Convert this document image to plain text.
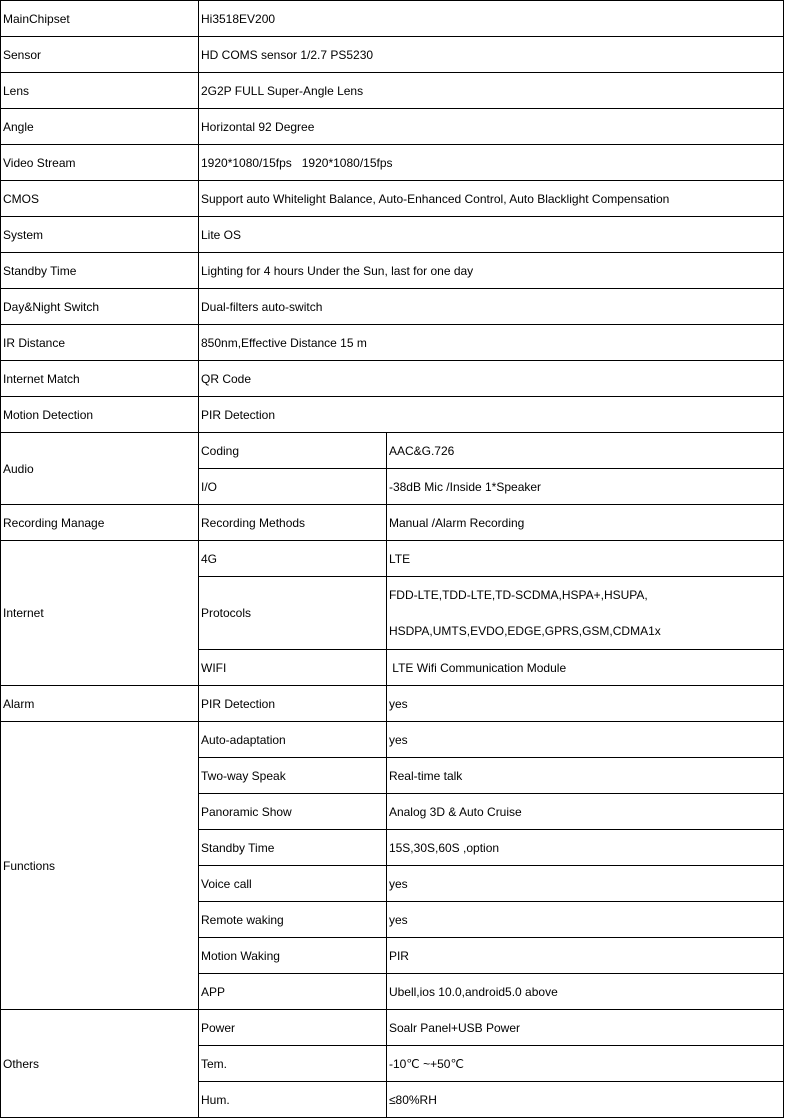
MainChipset	Hi3518EV200	
Sensor	HD COMS sensor 1/2.7 PS5230	
Lens	2G2P FULL Super-Angle Lens	
Angle	Horizontal 92 Degree	
Video Stream	1920*1080/15fps   1920*1080/15fps	
CMOS	Support auto Whitelight Balance, Auto-Enhanced Control, Auto Blacklight Compensation	
System	Lite OS	
Standby Time	Lighting for 4 hours Under the Sun, last for one day	
Day&Night Switch	Dual-filters auto-switch	
IR Distance	850nm,Effective Distance 15 m	
Internet Match	QR Code	
Motion Detection	PIR Detection	
Audio	Coding	AAC&G.726
	I/O	-38dB Mic /Inside 1*Speaker
Recording Manage	Recording Methods	Manual /Alarm Recording
Internet	4G	LTE
	Protocols	FDD-LTE,TDD-LTE,TD-SCDMA,HSPA+,HSUPA, HSDPA,UMTS,EVDO,EDGE,GPRS,GSM,CDMA1x
	WIFI	LTE Wifi Communication Module
Alarm	PIR Detection	yes
Functions	Auto-adaptation	yes
	Two-way Speak	Real-time talk
	Panoramic Show	Analog 3D & Auto Cruise
	Standby Time	15S,30S,60S ,option
	Voice call	yes
	Remote waking	yes
	Motion Waking	PIR
	APP	Ubell,ios 10.0,android5.0 above
Others	Power	Soalr Panel+USB Power
	Tem.	-10℃ ~+50℃
	Hum.	≤80%RH
